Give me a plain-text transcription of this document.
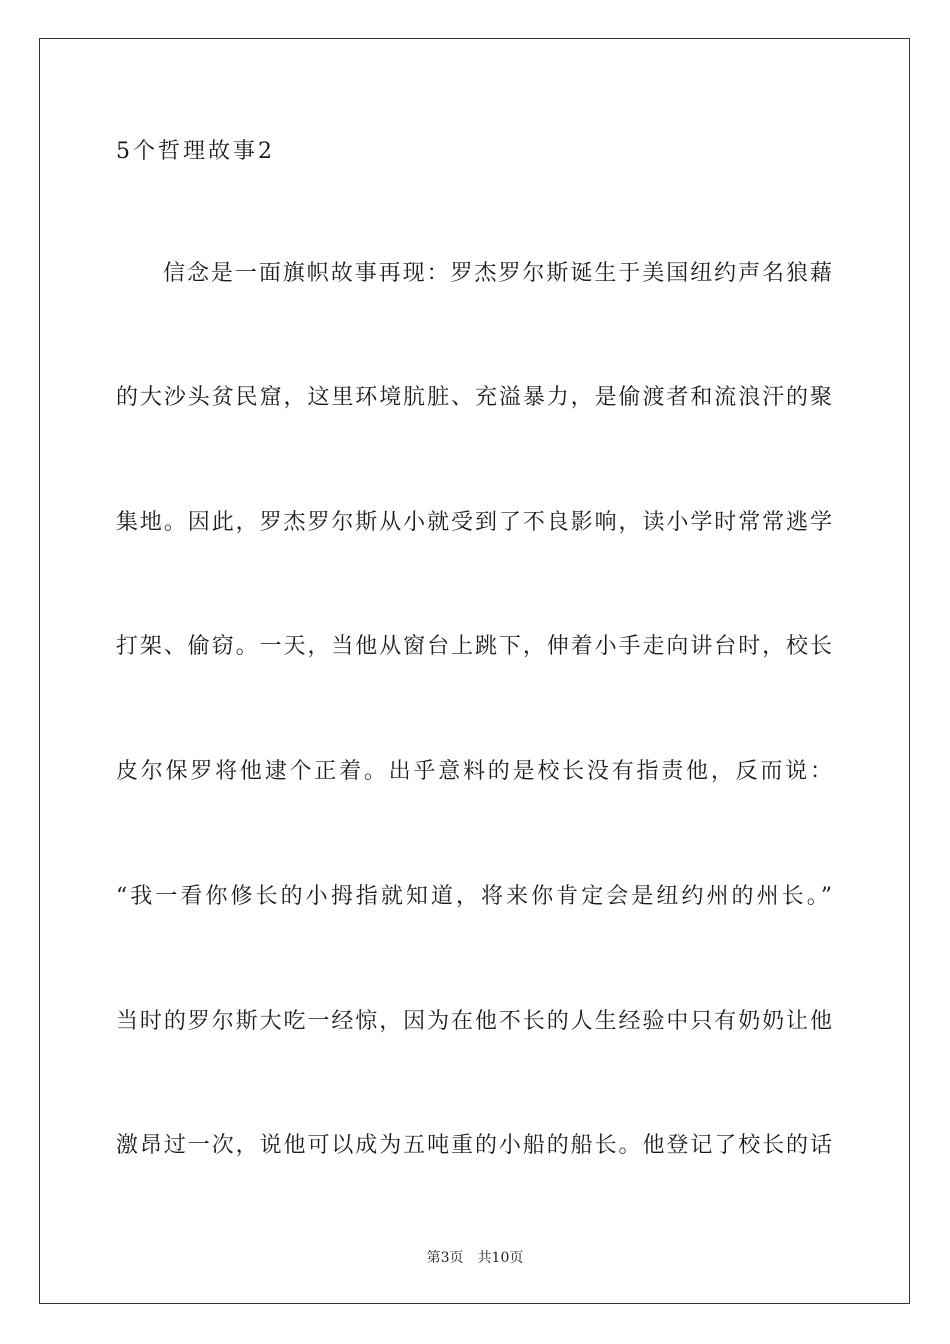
5个哲理故事2
信念是一面旗帜故事再现：罗杰罗尔斯诞生于美国纽约声名狼藉
的大沙头贫民窟，这里环境肮脏、充溢暴力，是偷渡者和流浪汗的聚
集地。因此，罗杰罗尔斯从小就受到了不良影响，读小学时常常逃学
打架、偷窃。一天，当他从窗台上跳下，伸着小手走向讲台时，校长
皮尔保罗将他逮个正着。出乎意料的是校长没有指责他，反而说：
“我一看你修长的小拇指就知道，将来你肯定会是纽约州的州长。”
当时的罗尔斯大吃一经惊，因为在他不长的人生经验中只有奶奶让他
激昂过一次，说他可以成为五吨重的小船的船长。他登记了校长的话
第3页 共10页
